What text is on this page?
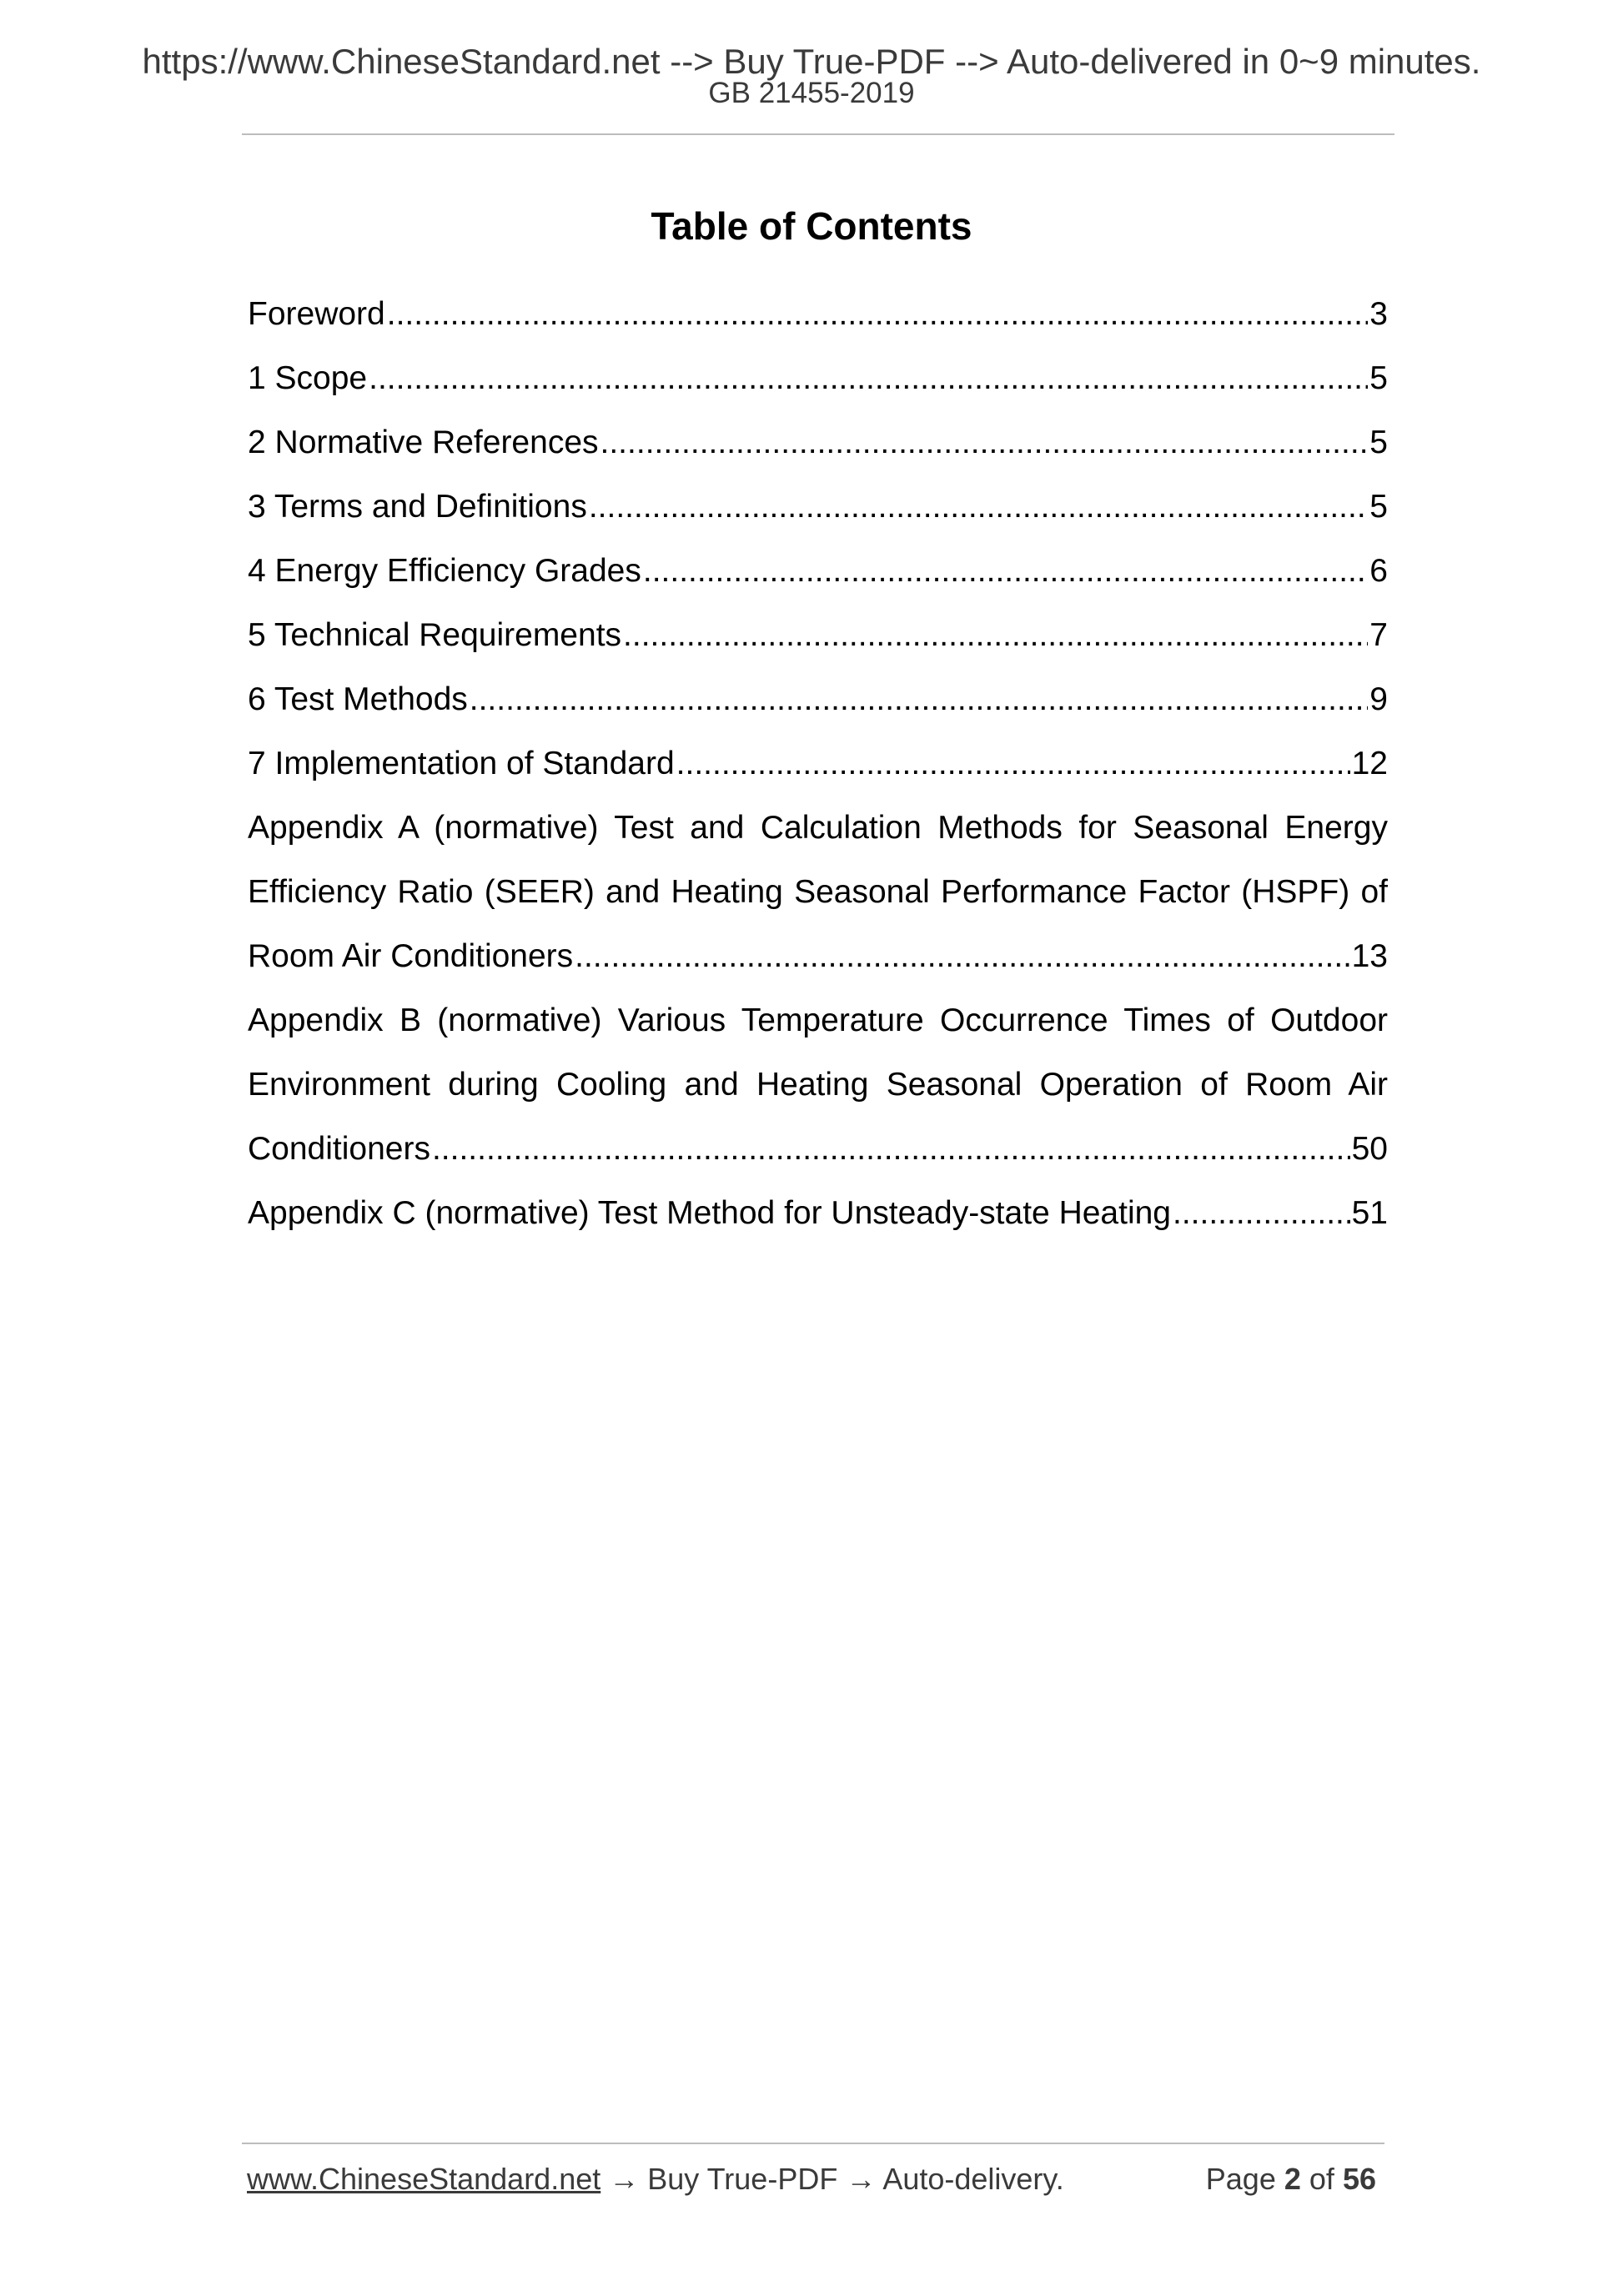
https://www.ChineseStandard.net --> Buy True-PDF --> Auto-delivered in 0~9 minutes.
GB 21455-2019
Table of Contents
Foreword .....	3
1 Scope .....	5
2 Normative References .....	5
3 Terms and Definitions .....	5
4 Energy Efficiency Grades .....	6
5 Technical Requirements .....	7
6 Test Methods .....	9
7 Implementation of Standard .....	12
Appendix A (normative) Test and Calculation Methods for Seasonal Energy
Efficiency Ratio (SEER) and Heating Seasonal Performance Factor (HSPF) of
Room Air Conditioners .....	13
Appendix B (normative) Various Temperature Occurrence Times of Outdoor
Environment during Cooling and Heating Seasonal Operation of Room Air
Conditioners .....	50
Appendix C (normative) Test Method for Unsteady-state Heating .....	51
www.ChineseStandard.net → Buy True-PDF → Auto-delivery.	Page 2 of 56
